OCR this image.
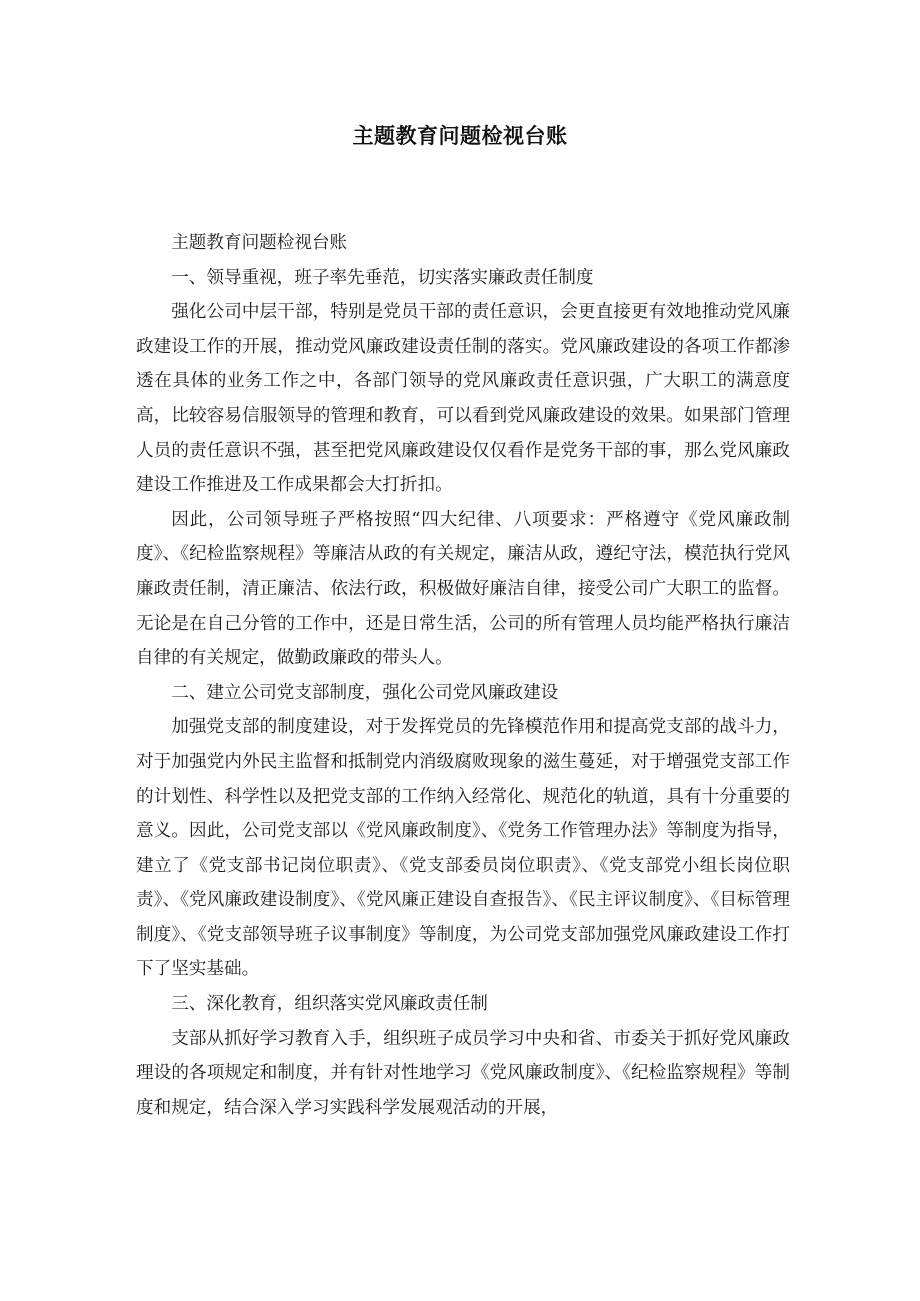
主题教育问题检视台账

主题教育问题检视台账

一、领导重视，班子率先垂范，切实落实廉政责任制度

强化公司中层干部，特别是党员干部的责任意识，会更直接更有效地推动党风廉政建设工作的开展，推动党风廉政建设责任制的落实。党风廉政建设的各项工作都渗透在具体的业务工作之中，各部门领导的党风廉政责任意识强，广大职工的满意度高，比较容易信服领导的管理和教育，可以看到党风廉政建设的效果。如果部门管理人员的责任意识不强，甚至把党风廉政建设仅仅看作是党务干部的事，那么党风廉政建设工作推进及工作成果都会大打折扣。

因此，公司领导班子严格按照“四大纪律、八项要求：严格遵守《党风廉政制度》、《纪检监察规程》等廉洁从政的有关规定，廉洁从政，遵纪守法，模范执行党风廉政责任制，清正廉洁、依法行政，积极做好廉洁自律，接受公司广大职工的监督。无论是在自己分管的工作中，还是日常生活，公司的所有管理人员均能严格执行廉洁自律的有关规定，做勤政廉政的带头人。

二、建立公司党支部制度，强化公司党风廉政建设

加强党支部的制度建设，对于发挥党员的先锋模范作用和提高党支部的战斗力，对于加强党内外民主监督和抵制党内消级腐败现象的滋生蔓延，对于增强党支部工作的计划性、科学性以及把党支部的工作纳入经常化、规范化的轨道，具有十分重要的意义。因此，公司党支部以《党风廉政制度》、《党务工作管理办法》等制度为指导，建立了《党支部书记岗位职责》、《党支部委员岗位职责》、《党支部党小组长岗位职责》、《党风廉政建设制度》、《党风廉正建设自查报告》、《民主评议制度》、《目标管理制度》、《党支部领导班子议事制度》等制度，为公司党支部加强党风廉政建设工作打下了坚实基础。

三、深化教育，组织落实党风廉政责任制

支部从抓好学习教育入手，组织班子成员学习中央和省、市委关于抓好党风廉政理设的各项规定和制度，并有针对性地学习《党风廉政制度》、《纪检监察规程》等制度和规定，结合深入学习实践科学发展观活动的开展，
